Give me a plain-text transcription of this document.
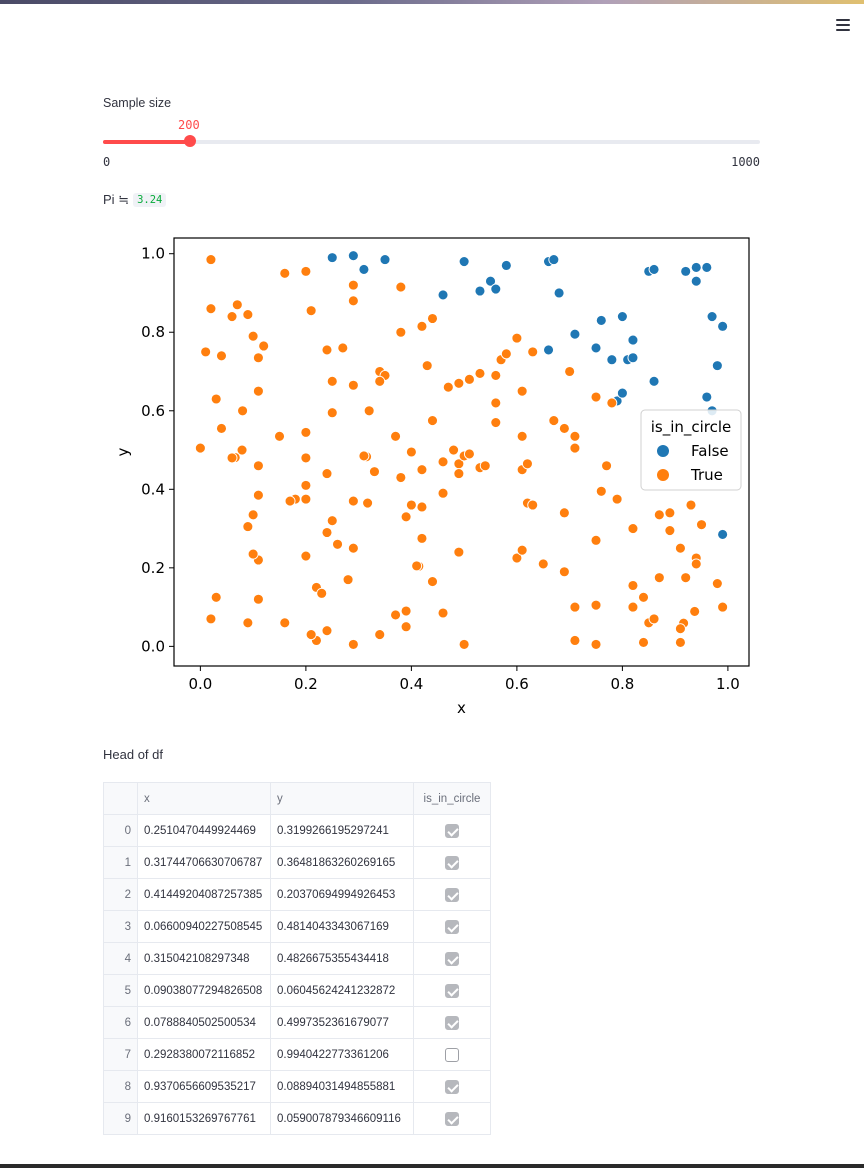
Sample size
200
0	1000
Pi ≒ 3.24
0.0
0.0
0.2
0.2
0.4
0.4
0.6
0.6
0.8
0.8
1.0
1.0
x
y
is_in_circle
False
True
Head of df
	x	y	is_in_circle
0	0.2510470449924469	0.3199266195297241	
1	0.31744706630706787	0.36481863260269165	
2	0.41449204087257385	0.20370694994926453	
3	0.06600940227508545	0.4814043343067169	
4	0.315042108297348	0.4826675355434418	
5	0.09038077294826508	0.06045624241232872	
6	0.0788840502500534	0.4997352361679077	
7	0.2928380072116852	0.9940422773361206	
8	0.9370656609535217	0.08894031494855881	
9	0.9160153269767761	0.059007879346609116	
